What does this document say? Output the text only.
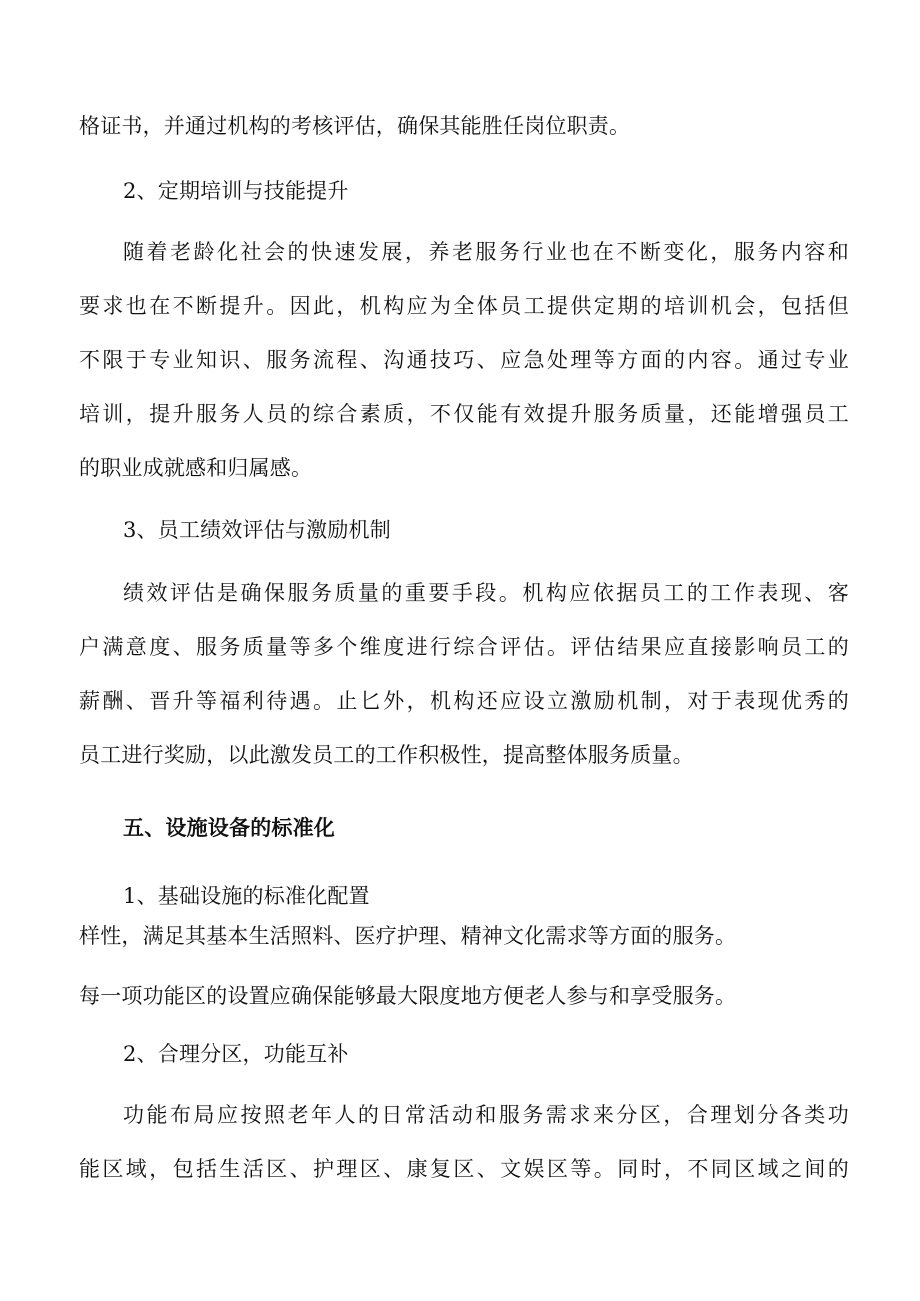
格证书，并通过机构的考核评估，确保其能胜任岗位职责。
2、定期培训与技能提升
随着老龄化社会的快速发展，养老服务行业也在不断变化，服务内容和
要求也在不断提升。因此，机构应为全体员工提供定期的培训机会，包括但
不限于专业知识、服务流程、沟通技巧、应急处理等方面的内容。通过专业
培训，提升服务人员的综合素质，不仅能有效提升服务质量，还能增强员工
的职业成就感和归属感。
3、员工绩效评估与激励机制
绩效评估是确保服务质量的重要手段。机构应依据员工的工作表现、客
户满意度、服务质量等多个维度进行综合评估。评估结果应直接影响员工的
薪酬、晋升等福利待遇。止匕外，机构还应设立激励机制，对于表现优秀的
员工进行奖励，以此激发员工的工作积极性，提高整体服务质量。
五、设施设备的标准化
1、基础设施的标准化配置
样性，满足其基本生活照料、医疗护理、精神文化需求等方面的服务。
每一项功能区的设置应确保能够最大限度地方便老人参与和享受服务。
2、合理分区，功能互补
功能布局应按照老年人的日常活动和服务需求来分区，合理划分各类功
能区域，包括生活区、护理区、康复区、文娱区等。同时，不同区域之间的
